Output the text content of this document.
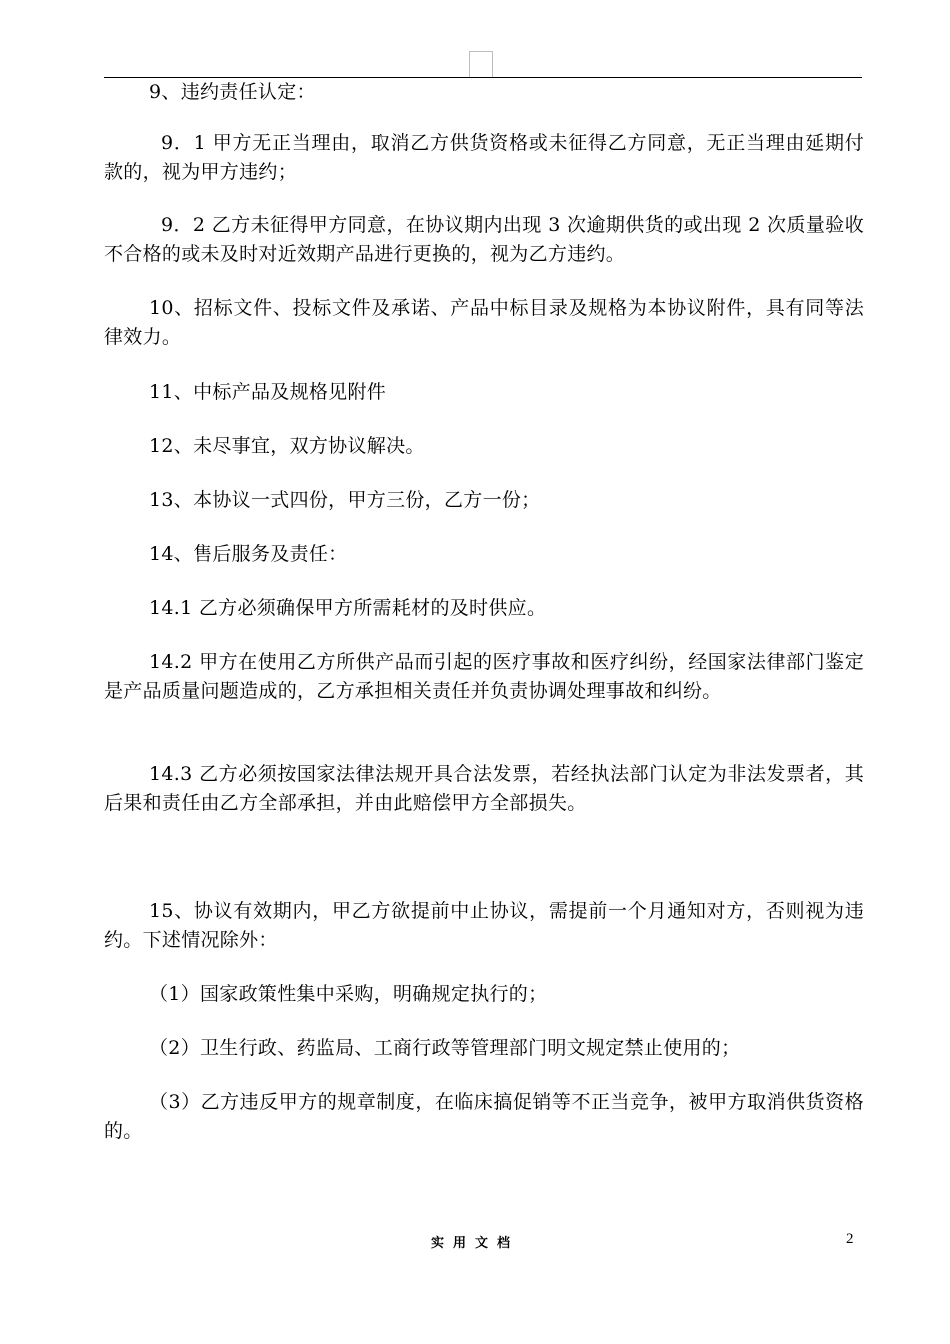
9、违约责任认定：

9．1 甲方无正当理由，取消乙方供货资格或未征得乙方同意，无正当理由延期付款的，视为甲方违约；

9．2 乙方未征得甲方同意，在协议期内出现 3 次逾期供货的或出现 2 次质量验收不合格的或未及时对近效期产品进行更换的，视为乙方违约。

10、招标文件、投标文件及承诺、产品中标目录及规格为本协议附件，具有同等法律效力。

11、中标产品及规格见附件

12、未尽事宜，双方协议解决。

13、本协议一式四份，甲方三份，乙方一份；

14、售后服务及责任：

14.1 乙方必须确保甲方所需耗材的及时供应。

14.2 甲方在使用乙方所供产品而引起的医疗事故和医疗纠纷，经国家法律部门鉴定是产品质量问题造成的，乙方承担相关责任并负责协调处理事故和纠纷。

14.3 乙方必须按国家法律法规开具合法发票，若经执法部门认定为非法发票者，其后果和责任由乙方全部承担，并由此赔偿甲方全部损失。

15、协议有效期内，甲乙方欲提前中止协议，需提前一个月通知对方，否则视为违约。下述情况除外：

（1）国家政策性集中采购，明确规定执行的；

（2）卫生行政、药监局、工商行政等管理部门明文规定禁止使用的；

（3）乙方违反甲方的规章制度，在临床搞促销等不正当竞争，被甲方取消供货资格的。

实用文档	2
